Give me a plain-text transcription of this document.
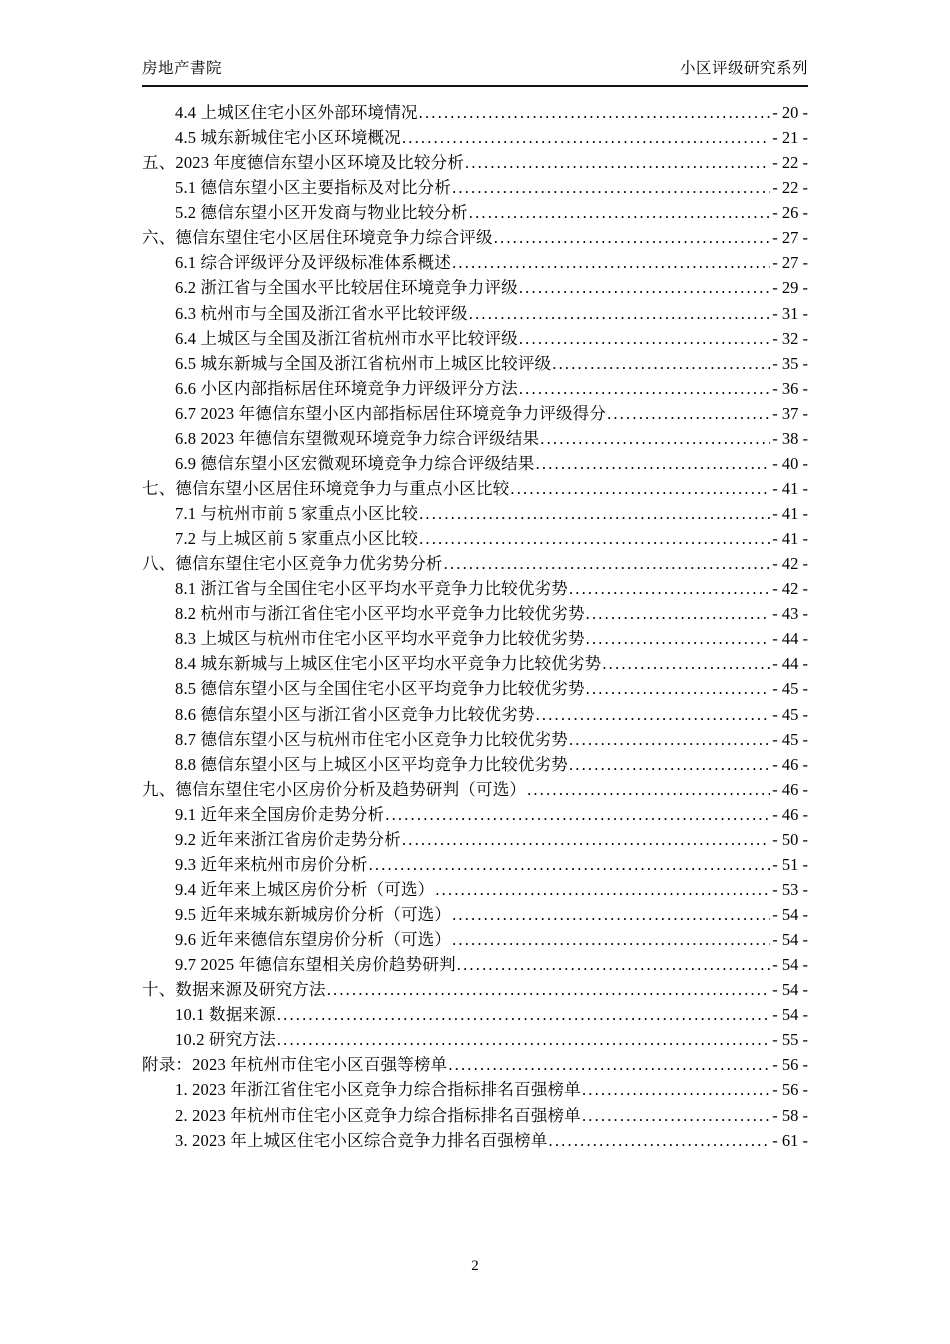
房地产書院	小区评级研究系列
4.4 上城区住宅小区外部环境情况 .....	- 20 -
4.5 城东新城住宅小区环境概况 .....	- 21 -
五、2023 年度德信东望小区环境及比较分析 .....	- 22 -
5.1 德信东望小区主要指标及对比分析 .....	- 22 -
5.2 德信东望小区开发商与物业比较分析 .....	- 26 -
六、德信东望住宅小区居住环境竞争力综合评级 .....	- 27 -
6.1 综合评级评分及评级标准体系概述 .....	- 27 -
6.2 浙江省与全国水平比较居住环境竞争力评级 .....	- 29 -
6.3 杭州市与全国及浙江省水平比较评级 .....	- 31 -
6.4 上城区与全国及浙江省杭州市水平比较评级 .....	- 32 -
6.5 城东新城与全国及浙江省杭州市上城区比较评级 .....	- 35 -
6.6 小区内部指标居住环境竞争力评级评分方法 .....	- 36 -
6.7 2023 年德信东望小区内部指标居住环境竞争力评级得分 .....	- 37 -
6.8 2023 年德信东望微观环境竞争力综合评级结果 .....	- 38 -
6.9 德信东望小区宏微观环境竞争力综合评级结果 .....	- 40 -
七、德信东望小区居住环境竞争力与重点小区比较 .....	- 41 -
7.1 与杭州市前 5 家重点小区比较 .....	- 41 -
7.2 与上城区前 5 家重点小区比较 .....	- 41 -
八、德信东望住宅小区竞争力优劣势分析 .....	- 42 -
8.1 浙江省与全国住宅小区平均水平竞争力比较优劣势 .....	- 42 -
8.2 杭州市与浙江省住宅小区平均水平竞争力比较优劣势 .....	- 43 -
8.3 上城区与杭州市住宅小区平均水平竞争力比较优劣势 .....	- 44 -
8.4 城东新城与上城区住宅小区平均水平竞争力比较优劣势 .....	- 44 -
8.5 德信东望小区与全国住宅小区平均竞争力比较优劣势 .....	- 45 -
8.6 德信东望小区与浙江省小区竞争力比较优劣势 .....	- 45 -
8.7 德信东望小区与杭州市住宅小区竞争力比较优劣势 .....	- 45 -
8.8 德信东望小区与上城区小区平均竞争力比较优劣势 .....	- 46 -
九、德信东望住宅小区房价分析及趋势研判（可选） .....	- 46 -
9.1 近年来全国房价走势分析 .....	- 46 -
9.2 近年来浙江省房价走势分析 .....	- 50 -
9.3 近年来杭州市房价分析 .....	- 51 -
9.4 近年来上城区房价分析（可选） .....	- 53 -
9.5 近年来城东新城房价分析（可选） .....	- 54 -
9.6 近年来德信东望房价分析（可选） .....	- 54 -
9.7 2025 年德信东望相关房价趋势研判 .....	- 54 -
十、数据来源及研究方法 .....	- 54 -
10.1 数据来源 .....	- 54 -
10.2 研究方法 .....	- 55 -
附录：2023 年杭州市住宅小区百强等榜单 .....	- 56 -
1. 2023 年浙江省住宅小区竞争力综合指标排名百强榜单 .....	- 56 -
2. 2023 年杭州市住宅小区竞争力综合指标排名百强榜单 .....	- 58 -
3. 2023 年上城区住宅小区综合竞争力排名百强榜单 .....	- 61 -
2
